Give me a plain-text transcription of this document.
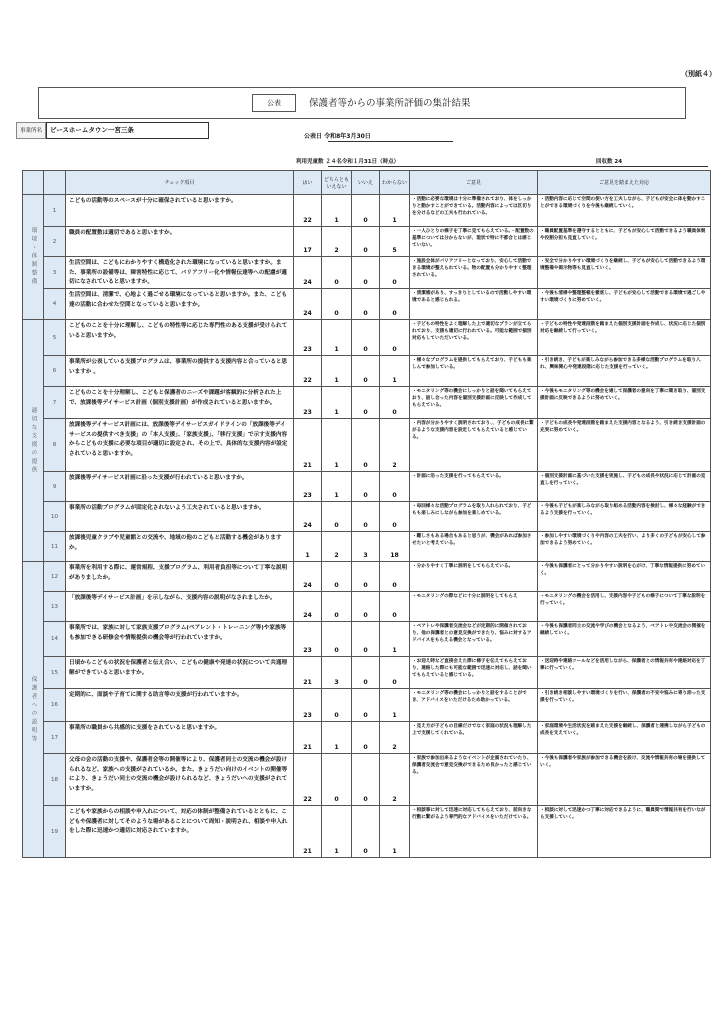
（別紙４）
公表	保護者等からの事業所評価の集計結果
事業所名	ピースホームタウン一宮三条
公表日 令和8年3月30日
利用児童数 ２４名令和１月31日（時点）	回収数 24
		チェック項目	はい	どちらとも いえない	いいえ	わからない	ご意見	ご意見を踏まえた対応

環境・体制整備	1	こどもの活動等のスペースが十分に確保されていると思いますか。	22	1	0	1	・活動に必要な環境は十分に準備されており、体をしっかりと動かすことができている。活動内容によっては区切りを分けるなどの工夫も行われている。	・活動内容に応じて空間の使い方を工夫しながら、子どもが安全に体を動かすことができる環境づくりを今後も継続していく。
	2	職員の配置数は適切であると思いますか。	17	2	0	5	・一人ひとりの様子を丁寧に見てもらえている。・配置数の基準については分からないが、現状で特に不都合とは感じていない。	・職員配置基準を遵守するとともに、子どもが安心して活動できるよう職員体制や役割分担も見直していく。
	3	生活空間は、こどもにわかりやすく構造化された環境になっていると思いますか。また、事業所の設備等は、障害特性に応じて、バリアフリー化や情報伝達等への配慮が適切になされていると思いますか。	24	0	0	0	・施設全体がバリアフリーとなっており、安心して活動できる環境が整えられている。物の配置も分かりやすく整理されている。	・安全で分かりやすい環境づくりを継続し、子どもが安心して活動できるよう環境整備や掲示物等も見直していく。
	4	生活空間は、清潔で、心地よく過ごせる環境になっていると思いますか。また、こども達の活動に合わせた空間となっていると思いますか。	24	0	0	0	・清潔感があり、すっきりとしているので活動しやすい環境であると感じられる。	・今後も清掃や整理整頓を徹底し、子どもが安心して活動できる環境で過ごしやすい環境づくりに努めていく。

適切な支援の提供	5	こどものことを十分に理解し、こどもの特性等に応じた専門性のある支援が受けられていると思いますか。	23	1	0	0	・子どもの特性をよく理解した上で適切なプランが立てられており、支援も適切に行われている。可能な範囲で個別対応もしていただいている。	・子どもの特性や発達段階を踏まえた個別支援計画を作成し、状況に応じた個別対応を継続して行っていく。
	6	事業所が公表している支援プログラムは、事業所の提供する支援内容と合っていると思いますか 。	22	1	0	1	・様々なプログラムを提供してもらえており、子どもも楽しんで参加している。	・引き続き、子どもが楽しみながら参加できる多様な活動プログラムを取り入れ、興味関心や発達段階に応じた支援を行っていく。
	7	こどものことを十分理解し、こどもと保護者のニーズや課題が客観的に分析された上で、放課後等デイサービス計画（個別支援計画）が作成されていると思いますか。	23	1	0	0	・モニタリング等の機会にしっかりと話を聞いてもらえており、話し合った内容を個別支援計画に反映して作成してもらえている。	・今後もモニタリング等の機会を通して保護者の意向を丁寧に聞き取り、個別支援計画に反映できるように努めていく。
	8	放課後等デイサービス計画には、放課後等デイサービスガイドラインの「放課後等デイサービスの提供すべき支援」の「本人支援」、「家族支援」、「移行支援」で示す支援内容からこどもの支援に必要な項目が適切に設定され、その上で、具体的な支援内容が設定されていると思いますか。	21	1	0	2	・内容が分かりやすく説明されており、、子どもの成長に繋がるような支援内容を設定してもらえていると感じている。	・子どもの成長や発達段階を踏まえた支援内容となるよう、引き続き支援計画の充実に努めていく。
	9	放課後等デイサービス計画に沿った支援が行われていると思いますか。	23	1	0	0	・計画に沿った支援を行ってもらえている。	・個別支援計画に基づいた支援を実施し、子どもの成長や状況に応じて計画の見直しを行っていく。
	10	事業所の活動プログラムが固定化されないよう工夫されていると思いますか。	24	0	0	0	・毎回様々な活動プログラムを取り入れられており、子どもも楽しみにしながら参加を楽しめている。	・今後も子どもが楽しみながら取り組める活動内容を検討し、様々な経験ができるよう支援を行っていく。
	11	放課後児童クラブや児童館との交流や、地域の他のこどもと活動する機会がありますか。	1	2	3	18	・難しさもある場合もあると思うが、機会があれば参加させたいと考えている。	・参加しやすい環境づくりや内容の工夫を行い、より多くの子どもが安心して参加できるよう努めていく。

保護者への説明等	12	事業所を利用する際に、運営規程、支援プログラム、利用者負担等について丁寧な説明がありましたか。	24	0	0	0	・分かりやすく丁寧に説明をしてもらえている。	・今後も保護者にとって分かりやすい説明を心がけ、丁寧な情報提供に努めていく。
	13	「放課後等デイサービス計画」を示しながら、支援内容の説明がなされましたか。	24	0	0	0	・モニタリングの際などに十分に説明をしてもらえ	・モニタリングの機会を活用し、支援内容や子どもの様子について丁寧な説明を行っていく。
	14	事業所では、家族に対して家族支援プログラム(ペアレント・トレーニング等)や家族等も参加できる研修会や情報提供の機会等が行われていますか。	23	0	0	1	・ペアトレや保護者交流会などが定期的に開催されており、他の保護者との意見交換ができたり、悩みに対するアドバイスをもらえる機会となっている。	・今後も保護者同士の交流や学びの機会となるよう、ペアトレや交流会の開催を継続していく。
	15	日頃からこどもの状況を保護者と伝え合い、こどもの健康や発達の状況について共通理解ができていると思いますか。	21	3	0	0	・お迎え時など直接会えた際に様子を伝えてもらえており、連絡した際にも可能な範囲で迅速に対応し、話を聞いてもらえていると感じている。	・送迎時や連絡ツールなどを活用しながら、保護者との情報共有や連絡対応を丁寧に行っていく。
	16	定期的に、面談や子育てに関する助言等の支援が行われていますか。	23	0	0	1	・モニタリング等の機会にしっかりと話をすることができ、アドバイスをいただけるため助かっている。	・引き続き相談しやすい環境づくりを行い、保護者の不安や悩みに寄り添った支援を行っていく。
	17	事業所の職員から共感的に支援をされていると思いますか。	21	1	0	2	・見え方が子どもの目線だけでなく家庭の状況も理解した上で支援してくれている。	・家庭環境や生活状況を踏まえた支援を継続し、保護者と連携しながら子どもの成長を支えていく。
	18	父母の会の活動の支援や、保護者会等の開催等により、保護者同士の交流の機会が設けられるなど、家族への支援がされているか。また、きょうだい向けのイベントの開催等により、きょうだい同士の交流の機会が設けられるなど、きょうだいへの支援がされていますか。	22	0	0	2	・家族で参加出来るようなイベントが企画されていたり、保護者交流会で意見交換ができるため良かったと感じている。	・今後も保護者や家族が参加できる機会を設け、交流や情報共有の場を提供していく。
	19	こどもや家族からの相談や申入れについて、対応の体制が整備されているとともに、こどもや保護者に対してそのような場があることについて周知・説明され、相談や申入れをした際に迅速かつ適切に対応されていますか。	21	1	0	1	・相談事に対して迅速に対応してもらえており、前向きな行動に繋がるよう専門的なアドバイスをいただけている。	・相談に対して迅速かつ丁寧に対応できるように、職員間で情報共有を行いながら支援していく。
